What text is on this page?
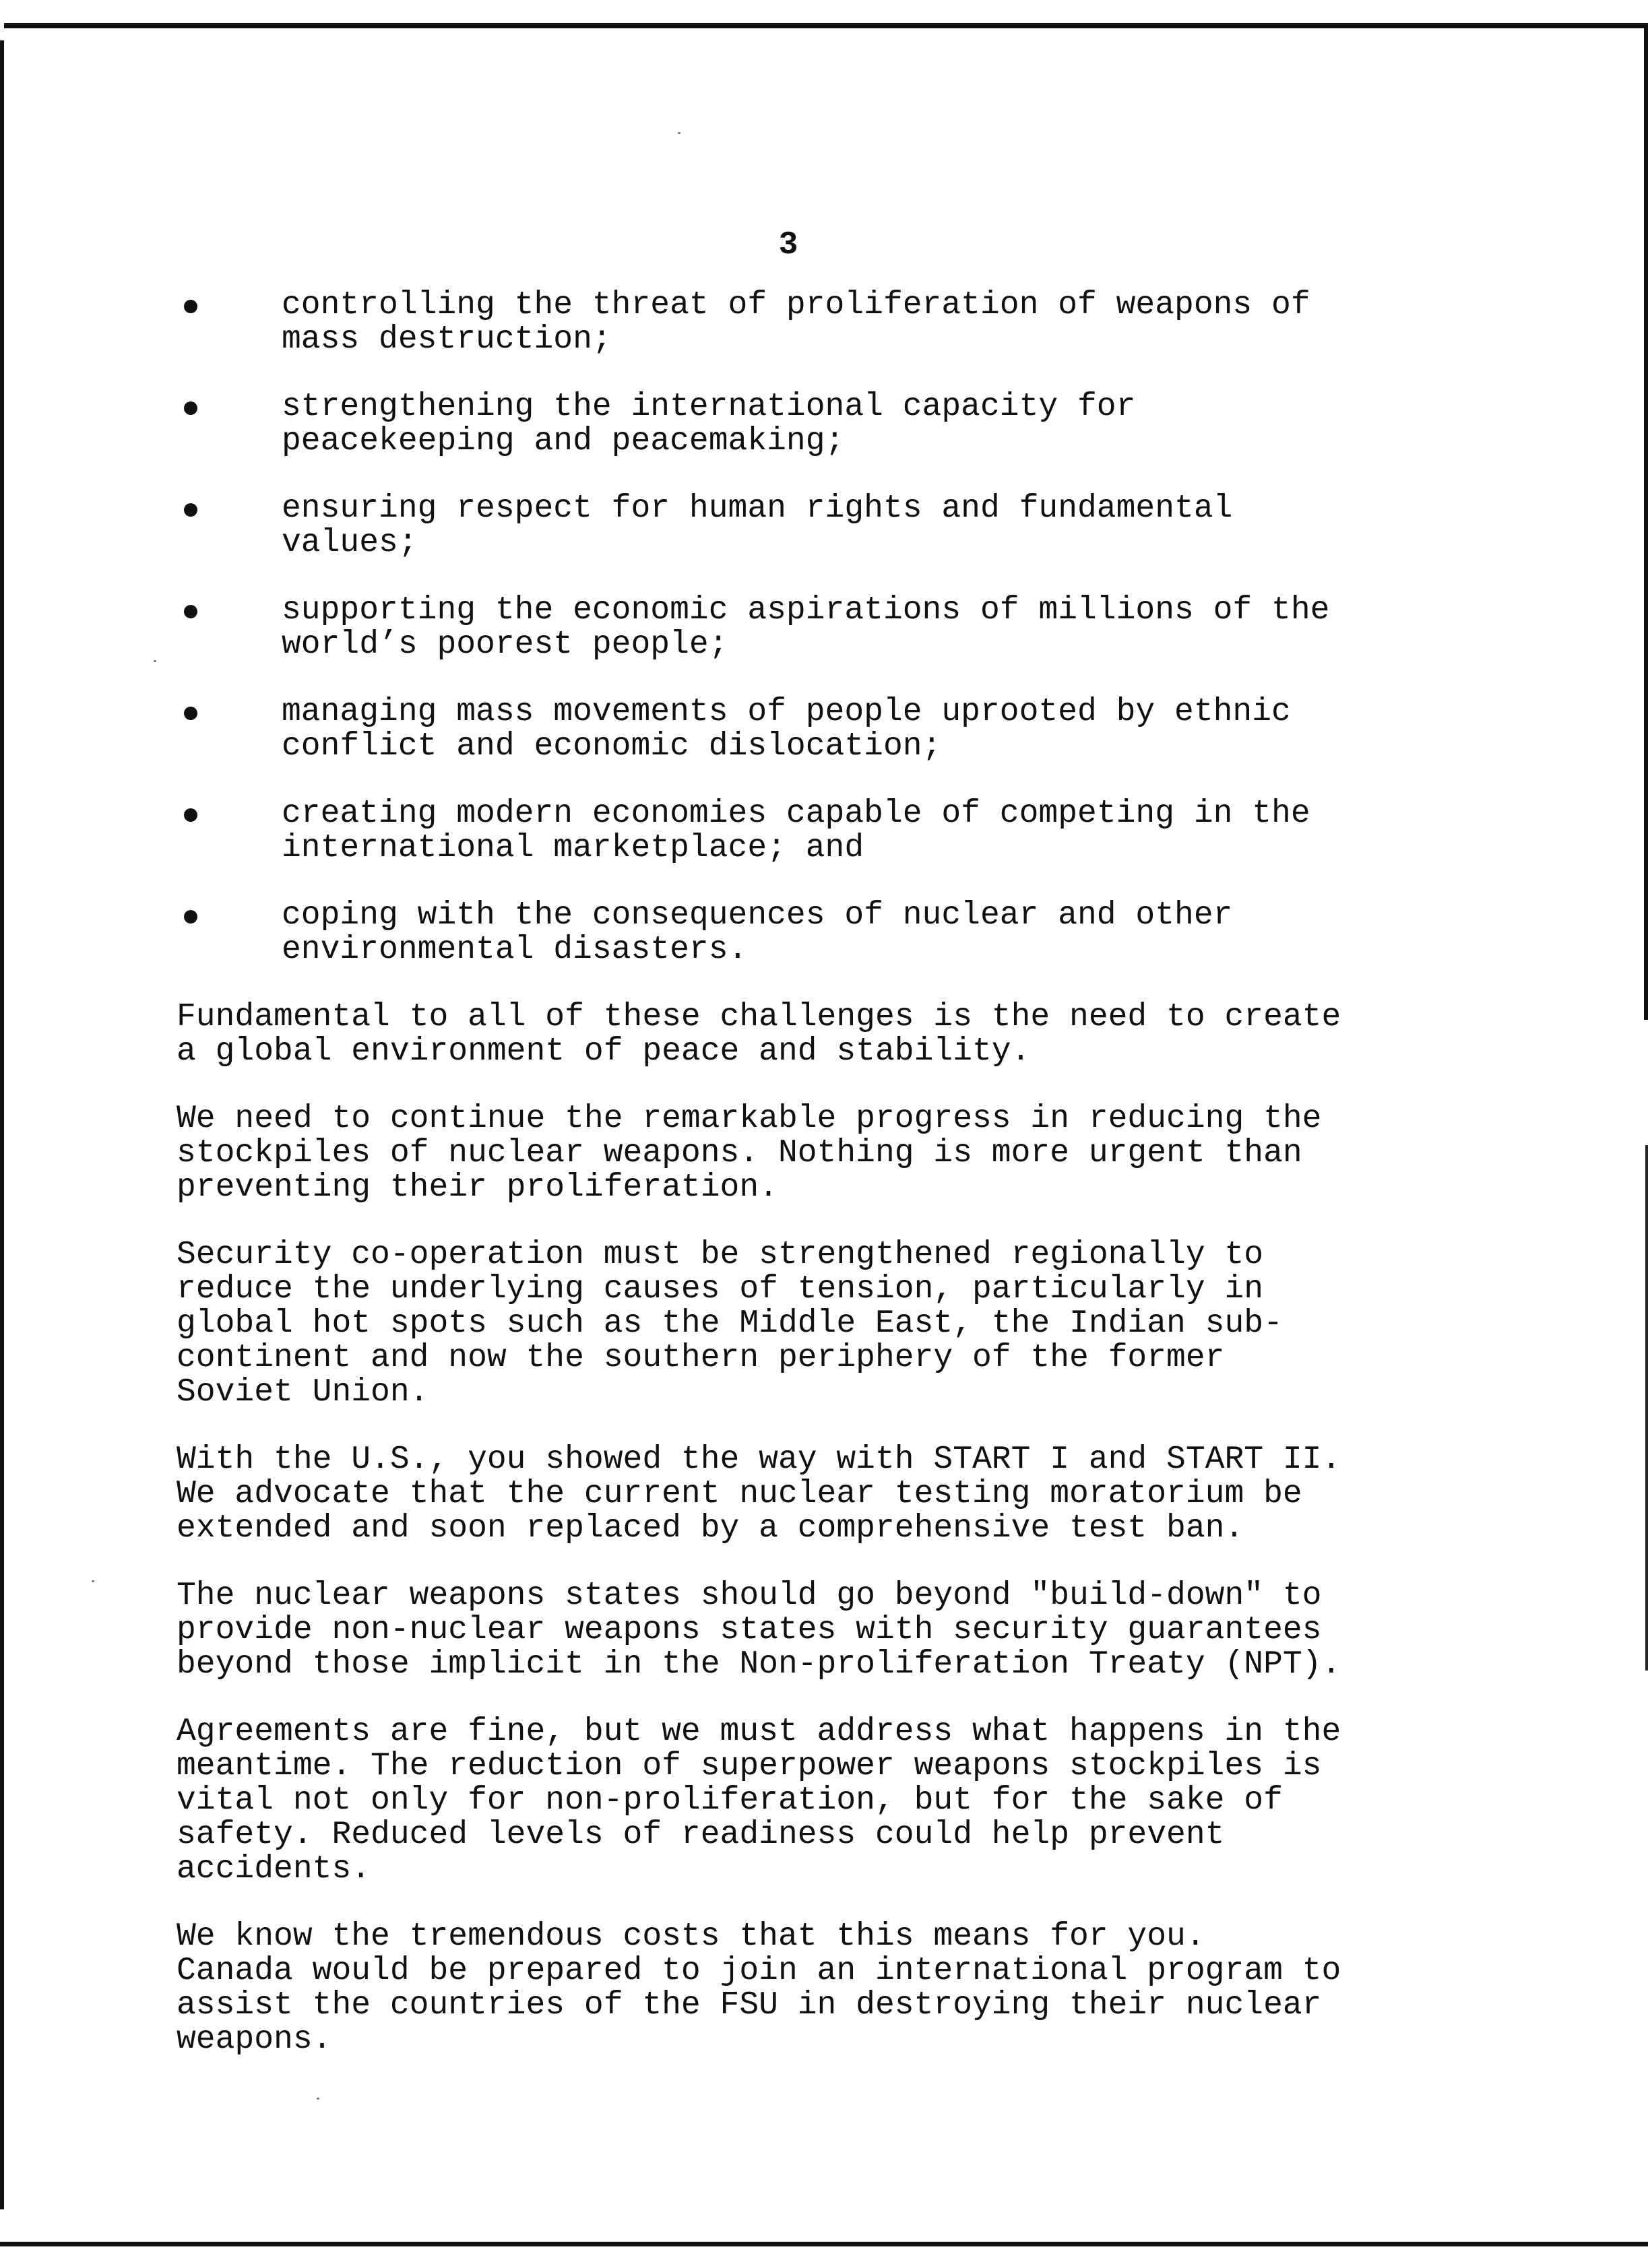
3
controlling the threat of proliferation of weapons of
mass destruction;
strengthening the international capacity for
peacekeeping and peacemaking;
ensuring respect for human rights and fundamental
values;
supporting the economic aspirations of millions of the
world’s poorest people;
managing mass movements of people uprooted by ethnic
conflict and economic dislocation;
creating modern economies capable of competing in the
international marketplace; and
coping with the consequences of nuclear and other
environmental disasters.

Fundamental to all of these challenges is the need to create
a global environment of peace and stability.

We need to continue the remarkable progress in reducing the
stockpiles of nuclear weapons. Nothing is more urgent than
preventing their proliferation.

Security co-operation must be strengthened regionally to
reduce the underlying causes of tension, particularly in
global hot spots such as the Middle East, the Indian sub-
continent and now the southern periphery of the former
Soviet Union.

With the U.S., you showed the way with START I and START II.
We advocate that the current nuclear testing moratorium be
extended and soon replaced by a comprehensive test ban.

The nuclear weapons states should go beyond "build-down" to
provide non-nuclear weapons states with security guarantees
beyond those implicit in the Non-proliferation Treaty (NPT).

Agreements are fine, but we must address what happens in the
meantime. The reduction of superpower weapons stockpiles is
vital not only for non-proliferation, but for the sake of
safety. Reduced levels of readiness could help prevent
accidents.

We know the tremendous costs that this means for you.
Canada would be prepared to join an international program to
assist the countries of the FSU in destroying their nuclear
weapons.
